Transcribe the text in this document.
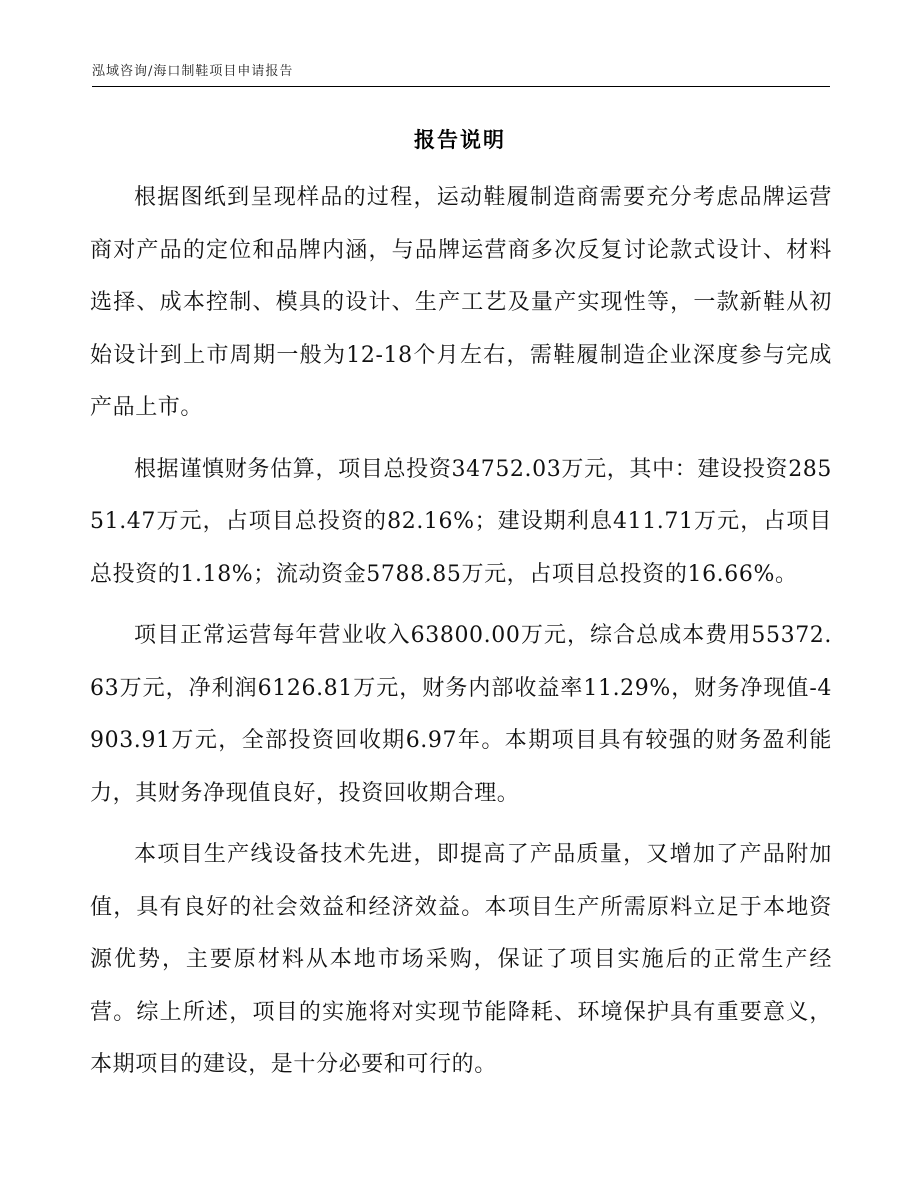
泓域咨询/海口制鞋项目申请报告
报告说明

根据图纸到呈现样品的过程，运动鞋履制造商需要充分考虑品牌运营商对产品的定位和品牌内涵，与品牌运营商多次反复讨论款式设计、材料选择、成本控制、模具的设计、生产工艺及量产实现性等，一款新鞋从初始设计到上市周期一般为12-18个月左右，需鞋履制造企业深度参与完成产品上市。

根据谨慎财务估算，项目总投资34752.03万元，其中：建设投资28551.47万元，占项目总投资的82.16%；建设期利息411.71万元，占项目总投资的1.18%；流动资金5788.85万元，占项目总投资的16.66%。

项目正常运营每年营业收入63800.00万元，综合总成本费用55372.63万元，净利润6126.81万元，财务内部收益率11.29%，财务净现值-4903.91万元，全部投资回收期6.97年。本期项目具有较强的财务盈利能力，其财务净现值良好，投资回收期合理。

本项目生产线设备技术先进，即提高了产品质量，又增加了产品附加值，具有良好的社会效益和经济效益。本项目生产所需原料立足于本地资源优势，主要原材料从本地市场采购，保证了项目实施后的正常生产经营。综上所述，项目的实施将对实现节能降耗、环境保护具有重要意义，本期项目的建设，是十分必要和可行的。
